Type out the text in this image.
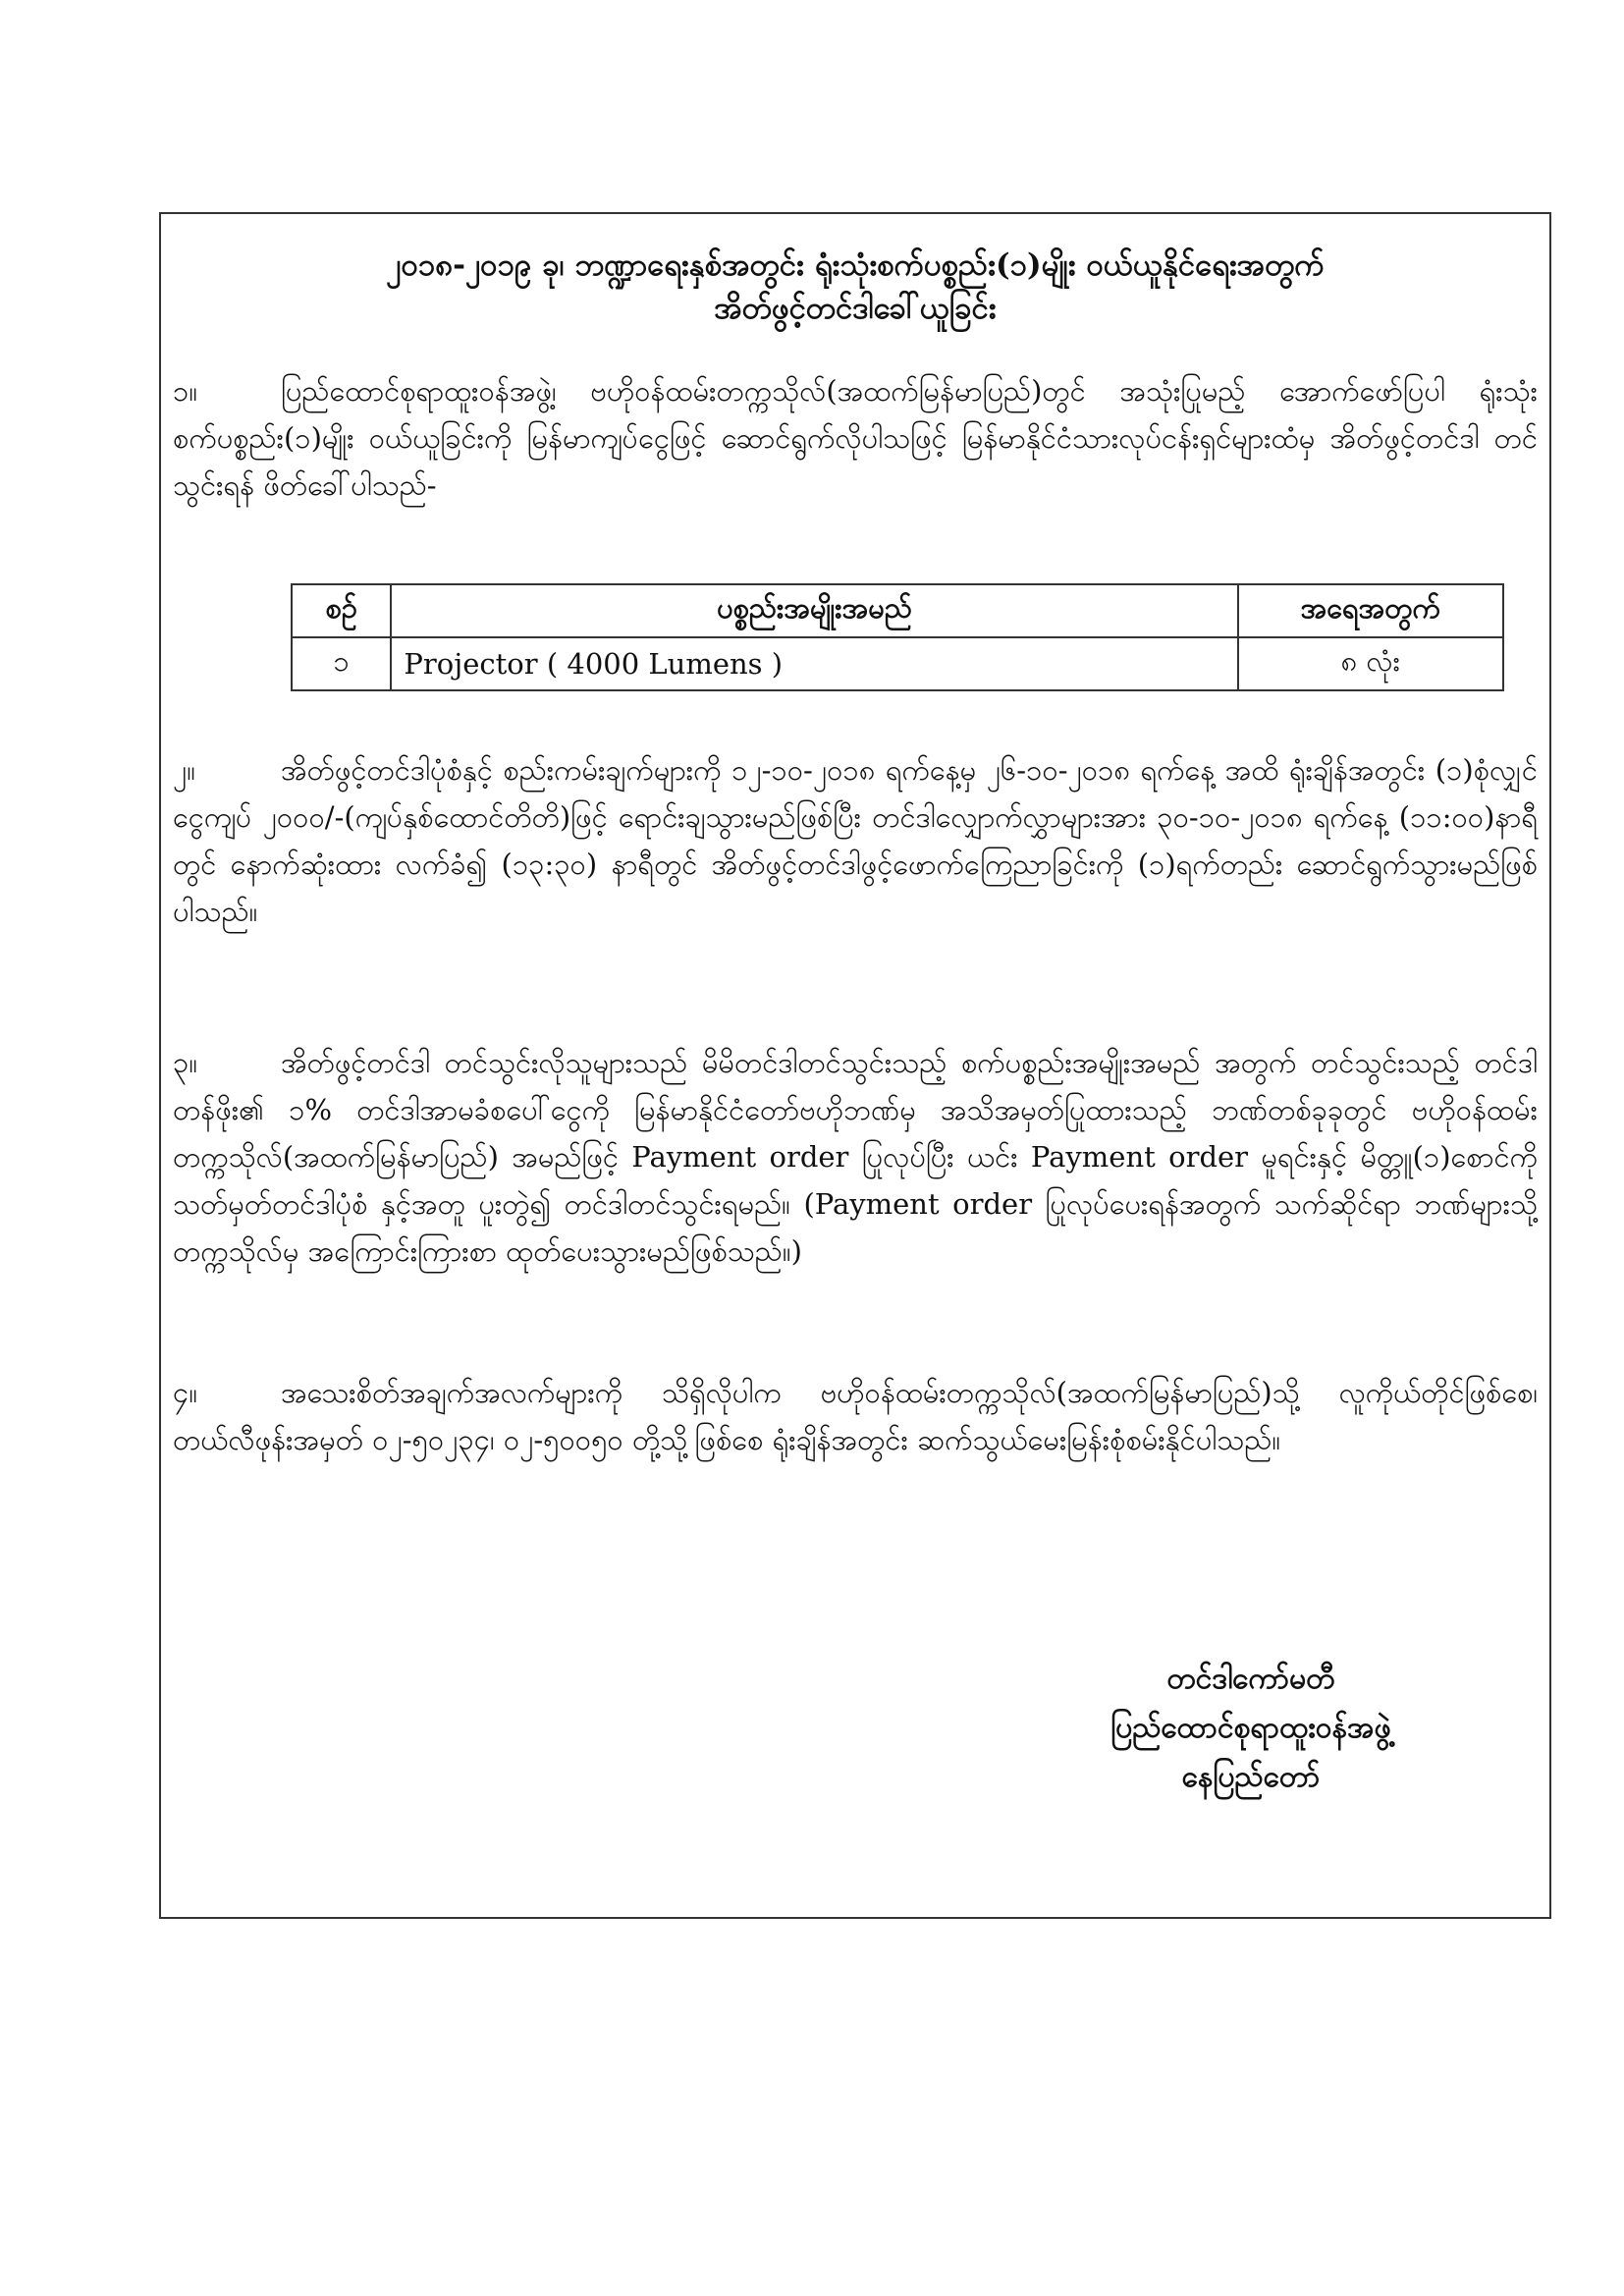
၂၀၁၈-၂၀၁၉ ခု၊ ဘဏ္ဍာရေးနှစ်အတွင်း ရုံးသုံးစက်ပစ္စည်း(၁)မျိုး ဝယ်ယူနိုင်ရေးအတွက်
အိတ်ဖွင့်တင်ဒါခေါ်ယူခြင်း
၁။	ပြည်ထောင်စုရာထူးဝန်အဖွဲ့၊ ဗဟိုဝန်ထမ်းတက္ကသိုလ်(အထက်မြန်မာပြည်)တွင် အသုံးပြုမည့် အောက်ဖော်ပြပါ ရုံးသုံးစက်ပစ္စည်း(၁)မျိုး ဝယ်ယူခြင်းကို မြန်မာကျပ်ငွေဖြင့် ဆောင်ရွက်လိုပါသဖြင့် မြန်မာနိုင်ငံသားလုပ်ငန်းရှင်များထံမှ အိတ်ဖွင့်တင်ဒါ တင်သွင်းရန် ဖိတ်ခေါ်ပါသည်-
စဉ်	ပစ္စည်းအမျိုးအမည်	အရေအတွက်
၁	Projector ( 4000 Lumens )	၈ လုံး
၂။	အိတ်ဖွင့်တင်ဒါပုံစံနှင့် စည်းကမ်းချက်များကို ၁၂-၁၀-၂၀၁၈ ရက်နေ့မှ ၂၆-၁၀-၂၀၁၈ ရက်နေ့ အထိ ရုံးချိန်အတွင်း (၁)စုံလျှင် ငွေကျပ် ၂၀၀၀/-(ကျပ်နှစ်ထောင်တိတိ)ဖြင့် ရောင်းချသွားမည်ဖြစ်ပြီး တင်ဒါလျှောက်လွှာများအား ၃၀-၁၀-၂၀၁၈ ရက်နေ့ (၁၁:၀၀)နာရီတွင် နောက်ဆုံးထား လက်ခံ၍ (၁၃:၃၀) နာရီတွင် အိတ်ဖွင့်တင်ဒါဖွင့်ဖောက်ကြေညာခြင်းကို (၁)ရက်တည်း ဆောင်ရွက်သွားမည်ဖြစ် ပါသည်။
၃။	အိတ်ဖွင့်တင်ဒါ တင်သွင်းလိုသူများသည် မိမိတင်ဒါတင်သွင်းသည့် စက်ပစ္စည်းအမျိုးအမည် အတွက် တင်သွင်းသည့် တင်ဒါတန်ဖိုး၏ ၁% တင်ဒါအာမခံစပေါ်ငွေကို မြန်မာနိုင်ငံတော်ဗဟိုဘဏ်မှ အသိအမှတ်ပြုထားသည့် ဘဏ်တစ်ခုခုတွင် ဗဟိုဝန်ထမ်းတက္ကသိုလ်(အထက်မြန်မာပြည်) အမည်ဖြင့် Payment order ပြုလုပ်ပြီး ယင်း Payment order မူရင်းနှင့် မိတ္တူ(၁)စောင်ကို သတ်မှတ်တင်ဒါပုံစံ နှင့်အတူ ပူးတွဲ၍ တင်ဒါတင်သွင်းရမည်။ (Payment order ပြုလုပ်ပေးရန်အတွက် သက်ဆိုင်ရာ ဘဏ်များသို့ တက္ကသိုလ်မှ အကြောင်းကြားစာ ထုတ်ပေးသွားမည်ဖြစ်သည်။)
၄။	အသေးစိတ်အချက်အလက်များကို သိရှိလိုပါက ဗဟိုဝန်ထမ်းတက္ကသိုလ်(အထက်မြန်မာပြည်)သို့ လူကိုယ်တိုင်ဖြစ်စေ၊ တယ်လီဖုန်းအမှတ် ၀၂-၅၀၂၃၄၊ ၀၂-၅၀၀၅၀ တို့သို့ဖြစ်စေ ရုံးချိန်အတွင်း ဆက်သွယ်မေးမြန်းစုံစမ်းနိုင်ပါသည်။
တင်ဒါကော်မတီ
ပြည်ထောင်စုရာထူးဝန်အဖွဲ့
နေပြည်တော်
